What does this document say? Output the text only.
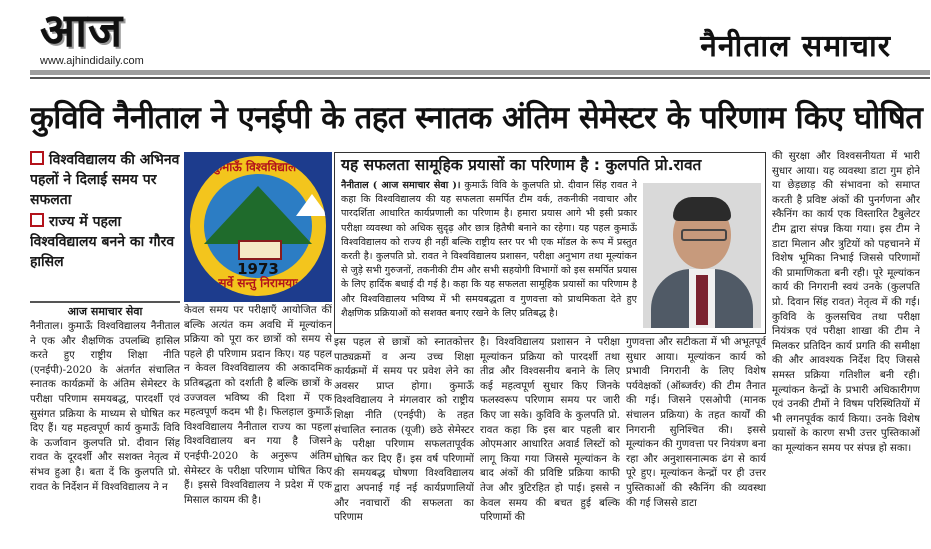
आज
www.ajhindidaily.com	नैनीताल समाचार
कुविवि नैनीताल ने एनईपी के तहत स्नातक अंतिम सेमेस्टर के परिणाम किए घोषित
विश्वविद्यालय की अभिनव पहलों ने दिलाई समय पर सफलता
राज्य में पहला विश्वविद्यालय बनने का गौरव हासिल
कुमाऊँ विश्वविद्यालय
1973
सर्वे सन्तु निरामयाः
आज समाचार सेवा

नैनीताल। कुमाऊँ विश्वविद्यालय नैनीताल ने एक और शैक्षणिक उपलब्धि हासिल करते हुए राष्ट्रीय शिक्षा नीति (एनईपी)-2020 के अंतर्गत संचालित स्नातक कार्यक्रमों के अंतिम सेमेस्टर के परीक्षा परिणाम समयबद्ध, पारदर्शी एवं सुसंगत प्रक्रिया के माध्यम से घोषित कर दिए हैं। यह महत्वपूर्ण कार्य कुमाऊँ विवि के ऊर्जावान कुलपति प्रो. दीवान सिंह रावत के दूरदर्शी और सशक्त नेतृत्व में संभव हुआ है। बता दें कि कुलपति प्रो. रावत के निर्देशन में विश्वविद्यालय ने न

केवल समय पर परीक्षाएँ आयोजित कीं बल्कि अत्यंत कम अवधि में मूल्यांकन प्रक्रिया को पूरा कर छात्रों को समय से पहले ही परिणाम प्रदान किए। यह पहल न केवल विश्वविद्यालय की अकादमिक प्रतिबद्धता को दर्शाती है बल्कि छात्रों के उज्जवल भविष्य की दिशा में एक महत्वपूर्ण कदम भी है। फिलहाल कुमाऊँ विश्वविद्यालय नैनीताल राज्य का पहला विश्वविद्यालय बन गया है जिसने एनईपी-2020 के अनुरूप अंतिम सेमेस्टर के परीक्षा परिणाम घोषित किए हैं। इससे विश्वविद्यालय ने प्रदेश में एक मिसाल कायम की है।

यह सफलता सामूहिक प्रयासों का परिणाम है : कुलपति प्रो.रावत
नैनीताल ( आज समाचार सेवा )। कुमाऊँ विवि के कुलपति प्रो. दीवान सिंह रावत ने कहा कि विश्वविद्यालय की यह सफलता समर्पित टीम वर्क, तकनीकी नवाचार और पारदर्शिता आधारित कार्यप्रणाली का परिणाम है। हमारा प्रयास आगे भी इसी प्रकार परीक्षा व्यवस्था को अधिक सुदृढ़ और छात्र हितैषी बनाने का रहेगा। यह पहल कुमाऊँ विश्वविद्यालय को राज्य ही नहीं बल्कि राष्ट्रीय स्तर पर भी एक मॉडल के रूप में प्रस्तुत करती है। कुलपति प्रो. रावत ने विश्वविद्यालय प्रशासन, परीक्षा अनुभाग तथा मूल्यांकन से जुड़े सभी गुरुजनों, तकनीकी टीम और सभी सहयोगी विभागों को इस समर्पित प्रयास के लिए हार्दिक बधाई दी गई है। कहा कि यह सफलता सामूहिक प्रयासों का परिणाम है और विश्वविद्यालय भविष्य में भी समयबद्धता व गुणवत्ता को प्राथमिकता देते हुए शैक्षणिक प्रक्रियाओं को सशक्त बनाए रखने के लिए प्रतिबद्ध है।

इस पहल से छात्रों को स्नातकोत्तर पाठ्यक्रमों व अन्य उच्च शिक्षा कार्यक्रमों में समय पर प्रवेश लेने का अवसर प्राप्त होगा। कुमाऊँ विश्वविद्यालय ने मंगलवार को राष्ट्रीय शिक्षा नीति (एनईपी) के तहत संचालित स्नातक (यूजी) छठे सेमेस्टर के परीक्षा परिणाम सफलतापूर्वक घोषित कर दिए हैं। इस वर्ष परिणामों की समयबद्ध घोषणा विश्वविद्यालय द्वारा अपनाई गई नई कार्यप्रणालियों और नवाचारों की सफलता का परिणाम

है। विश्वविद्यालय प्रशासन ने परीक्षा मूल्यांकन प्रक्रिया को पारदर्शी तथा तीव्र और विश्वसनीय बनाने के लिए कई महत्वपूर्ण सुधार किए जिनके फलस्वरूप परिणाम समय पर जारी किए जा सके। कुविवि के कुलपति प्रो. रावत कहा कि इस बार पहली बार ओएमआर आधारित अवार्ड लिस्टों को लागू किया गया जिससे मूल्यांकन के बाद अंकों की प्रविष्टि प्रक्रिया काफी तेज और त्रुटिरहित हो पाई। इससे न केवल समय की बचत हुई बल्कि परिणामों की

गुणवत्ता और सटीकता में भी अभूतपूर्व सुधार आया। मूल्यांकन कार्य को प्रभावी निगरानी के लिए विशेष पर्यवेक्षकों (ऑब्जर्वर) की टीम तैनात की गई। जिसने एसओपी (मानक संचालन प्रक्रिया) के तहत कार्यों की निगरानी सुनिश्चित की। इससे मूल्यांकन की गुणवत्ता पर नियंत्रण बना रहा और अनुशासनात्मक ढंग से कार्य पूरे हुए। मूल्यांकन केन्द्रों पर ही उत्तर पुस्तिकाओं की स्कैनिंग की व्यवस्था की गई जिससे डाटा

की सुरक्षा और विश्वसनीयता में भारी सुधार आया। यह व्यवस्था डाटा गुम होने या छेड़छाड़ की संभावना को समाप्त करती है प्रविष्ट अंकों की पुनर्गणना और स्कैनिंग का कार्य एक विस्तारित टैबुलेटर टीम द्वारा संपन्न किया गया। इस टीम ने डाटा मिलान और त्रुटियों को पहचानने में विशेष भूमिका निभाई जिससे परिणामों की प्रामाणिकता बनी रही। पूरे मूल्यांकन कार्य की निगरानी स्वयं उनके (कुलपति प्रो. दिवान सिंह रावत) नेतृत्व में की गई। कुविवि के कुलसचिव तथा परीक्षा नियंत्रक एवं परीक्षा शाखा की टीम ने मिलकर प्रतिदिन कार्य प्रगति की समीक्षा की और आवश्यक निर्देश दिए जिससे समस्त प्रक्रिया गतिशील बनी रही। मूल्यांकन केन्द्रों के प्रभारी अधिकारीगण एवं उनकी टीमों ने विषम परिस्थितियों में भी लगनपूर्वक कार्य किया। उनके विशेष प्रयासों के कारण सभी उत्तर पुस्तिकाओं का मूल्यांकन समय पर संपन्न हो सका।
